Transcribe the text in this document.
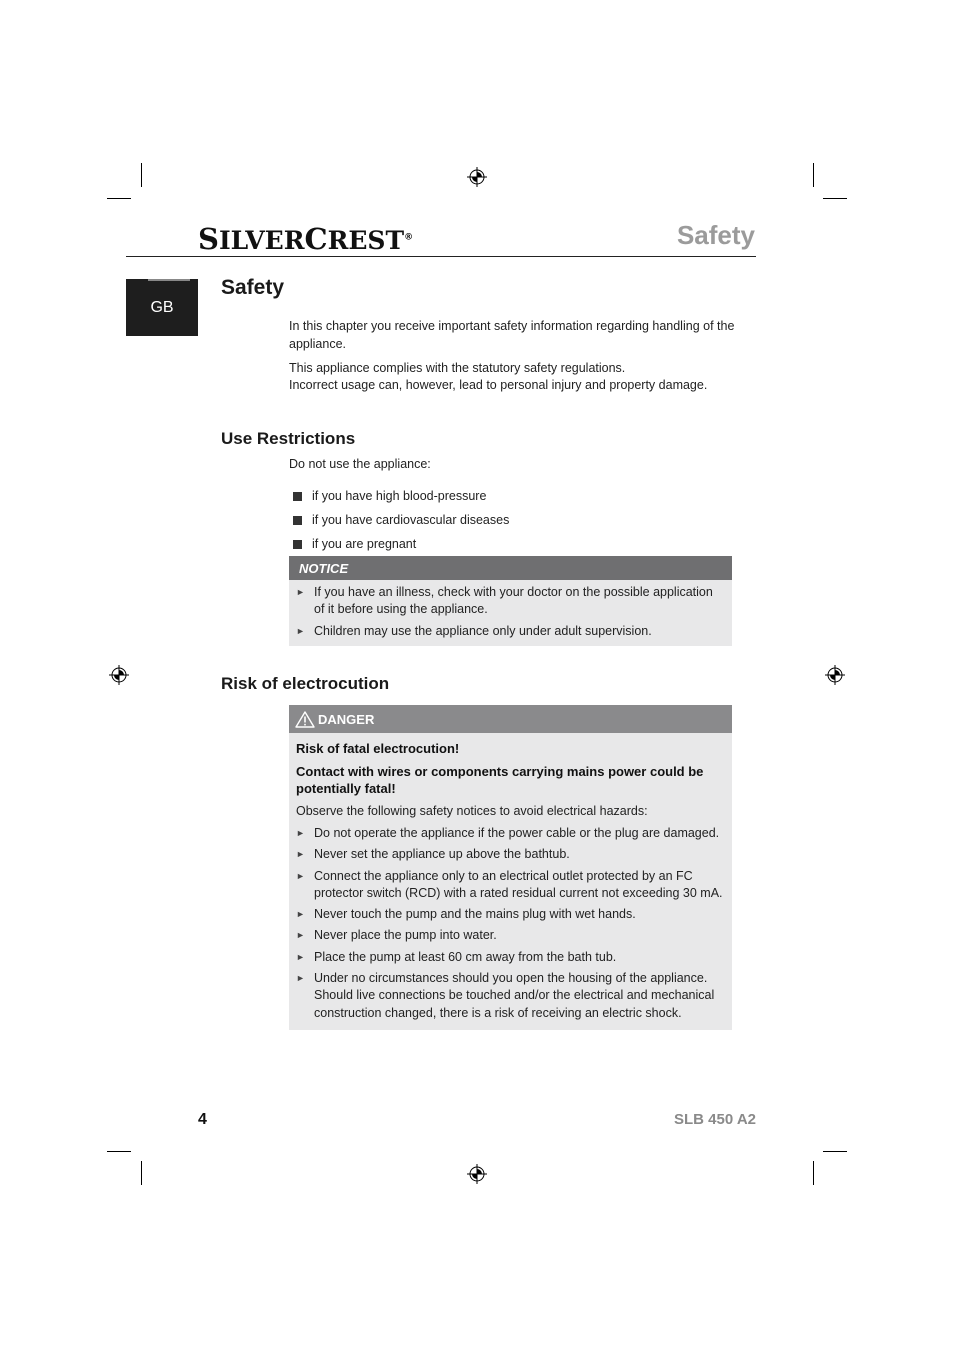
SILVERCREST®	Safety
GB
Safety

In this chapter you receive important safety information regarding handling of the appliance.

This appliance complies with the statutory safety regulations.

Incorrect usage can, however, lead to personal injury and property damage.

Use Restrictions

Do not use the appliance:

if you have high blood-pressure
if you have cardiovascular diseases
if you are pregnant
NOTICE
► If you have an illness, check with your doctor on the possible application of it before using the appliance.
► Children may use the appliance only under adult supervision.
Risk of electrocution
DANGER
Risk of fatal electrocution!
Contact with wires or components carrying mains power could be potentially fatal!
Observe the following safety notices to avoid electrical hazards:
► Do not operate the appliance if the power cable or the plug are damaged.
► Never set the appliance up above the bathtub.
► Connect the appliance only to an electrical outlet protected by an FC protector switch (RCD) with a rated residual current not exceeding 30 mA.
► Never touch the pump and the mains plug with wet hands.
► Never place the pump into water.
► Place the pump at least 60 cm away from the bath tub.
► Under no circumstances should you open the housing of the appliance. Should live connections be touched and/or the electrical and mechanical construction changed, there is a risk of receiving an electric shock.
4	SLB 450 A2
